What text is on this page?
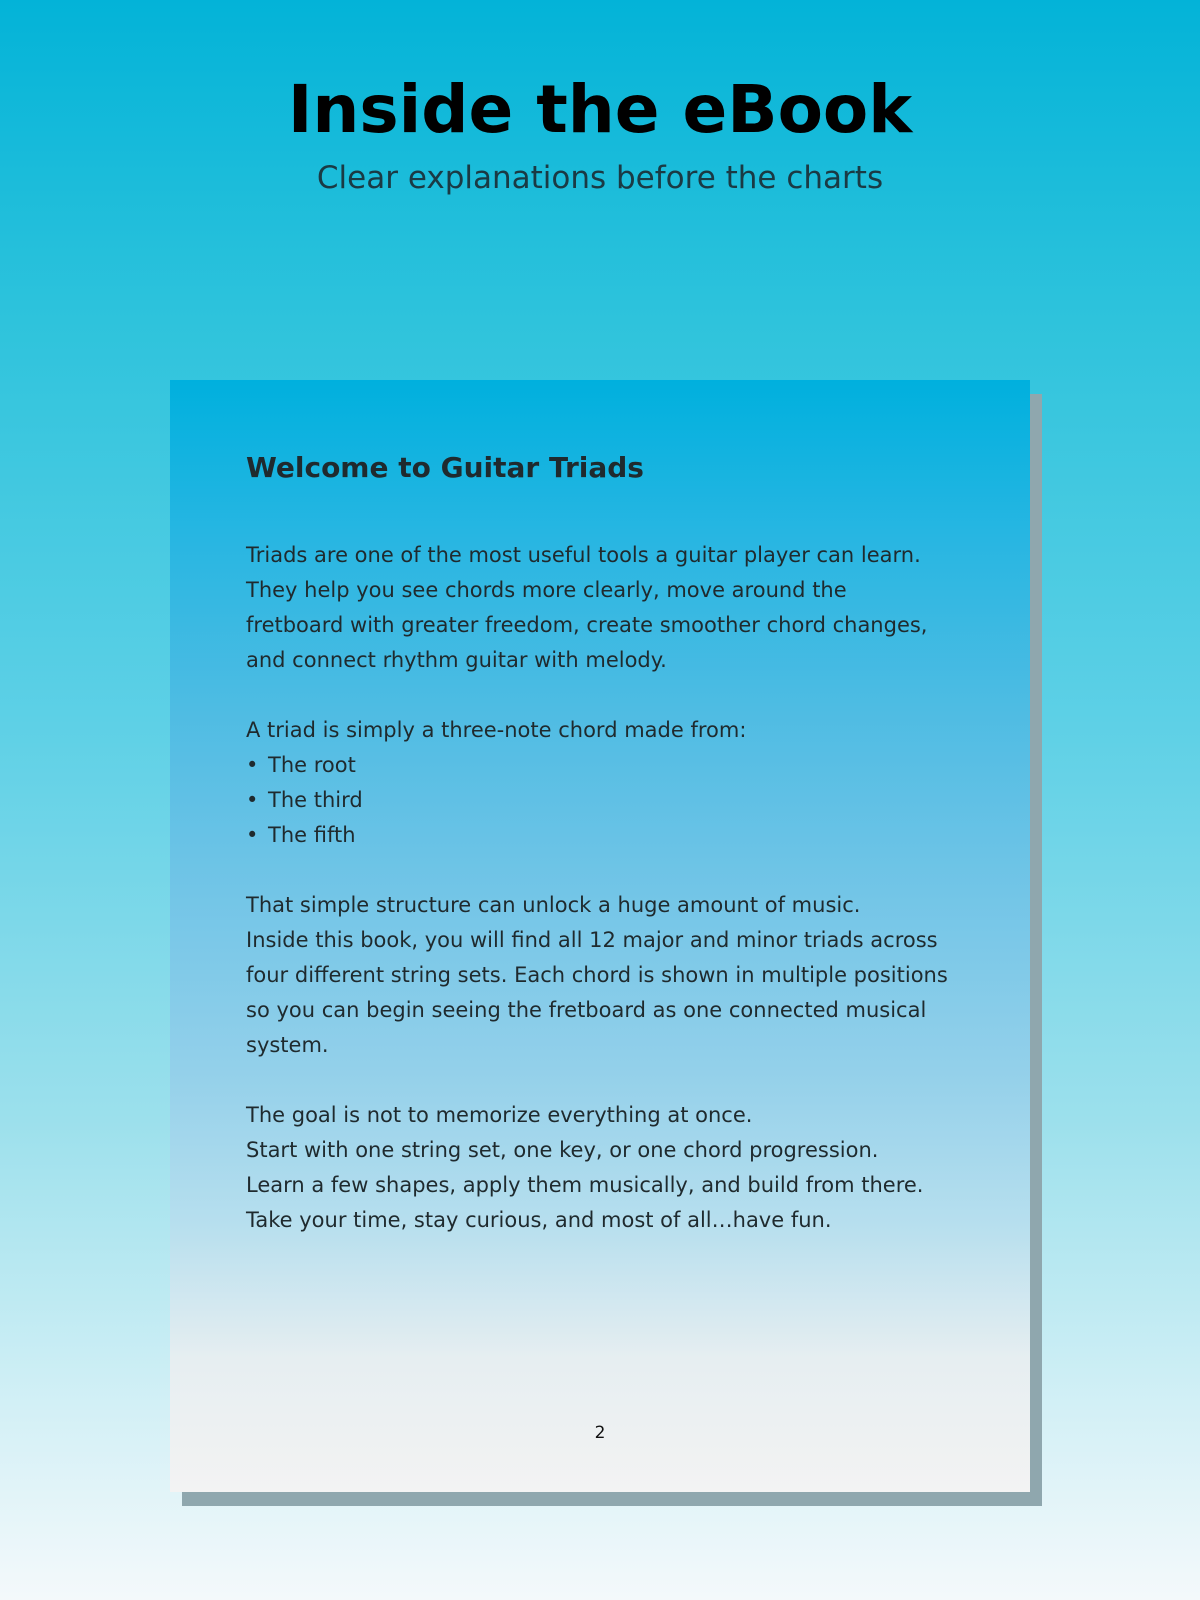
Inside the eBook
Clear explanations before the charts
Welcome to Guitar Triads

Triads are one of the most useful tools a guitar player can learn.
They help you see chords more clearly, move around the
fretboard with greater freedom, create smoother chord changes,
and connect rhythm guitar with melody.

A triad is simply a three-note chord made from:
• The root
• The third
• The fifth

That simple structure can unlock a huge amount of music.
Inside this book, you will find all 12 major and minor triads across
four different string sets. Each chord is shown in multiple positions
so you can begin seeing the fretboard as one connected musical
system.

The goal is not to memorize everything at once.
Start with one string set, one key, or one chord progression.
Learn a few shapes, apply them musically, and build from there.
Take your time, stay curious, and most of all…have fun.

2
